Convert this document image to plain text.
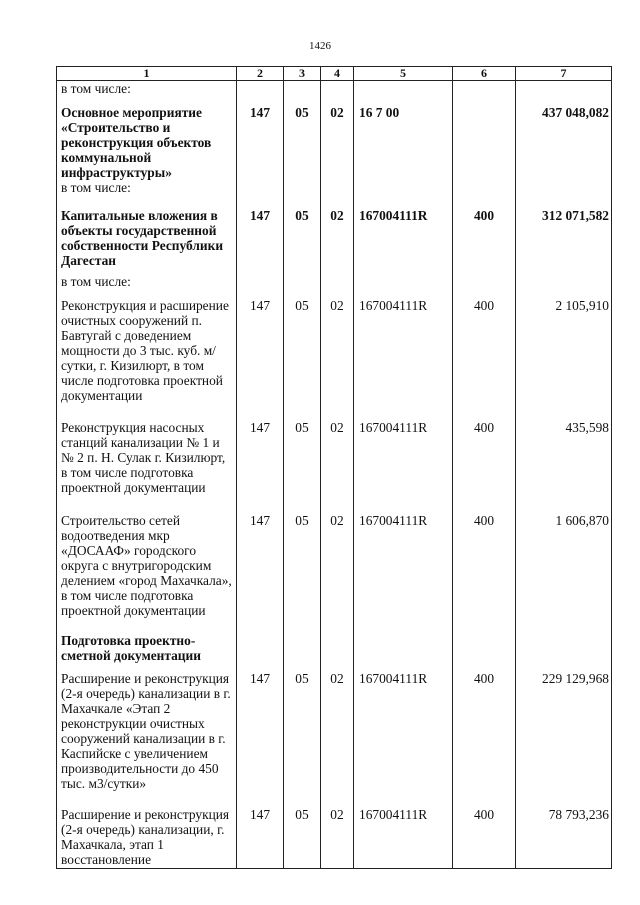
1426
1	2	3	4	5	6	7
в том числе:						

Основное мероприятие «Строительство и реконструкция объектов коммунальной инфраструктуры»	147	05	02	16 7 00		437 048,082
в том числе:						
Капитальные вложения в объекты государственной собственности Республики Дагестан	147	05	02	167004111R	400	312 071,582
в том числе:						
Реконструкция и расширение очистных сооружений п. Бавтугай с доведением мощности до 3 тыс. куб. м/сутки, г. Кизилюрт, в том числе подготовка проектной документации	147	05	02	167004111R	400	2 105,910
Реконструкция насосных станций канализации № 1 и № 2 п. Н. Сулак г. Кизилюрт, в том числе подготовка проектной документации	147	05	02	167004111R	400	435,598
Строительство сетей водоотведения мкр «ДОСААФ» городского округа с внутригородским делением «город Махачкала», в том числе подготовка проектной документации	147	05	02	167004111R	400	1 606,870
Подготовка проектно-сметной документации						
Расширение и реконструкция (2-я очередь) канализации в г. Махачкале «Этап 2 реконструкции очистных сооружений канализации в г. Каспийске с увеличением производительности до 450 тыс. м3/сутки»	147	05	02	167004111R	400	229 129,968
Расширение и реконструкция (2-я очередь) канализации, г. Махачкала, этап 1 восстановление	147	05	02	167004111R	400	78 793,236
